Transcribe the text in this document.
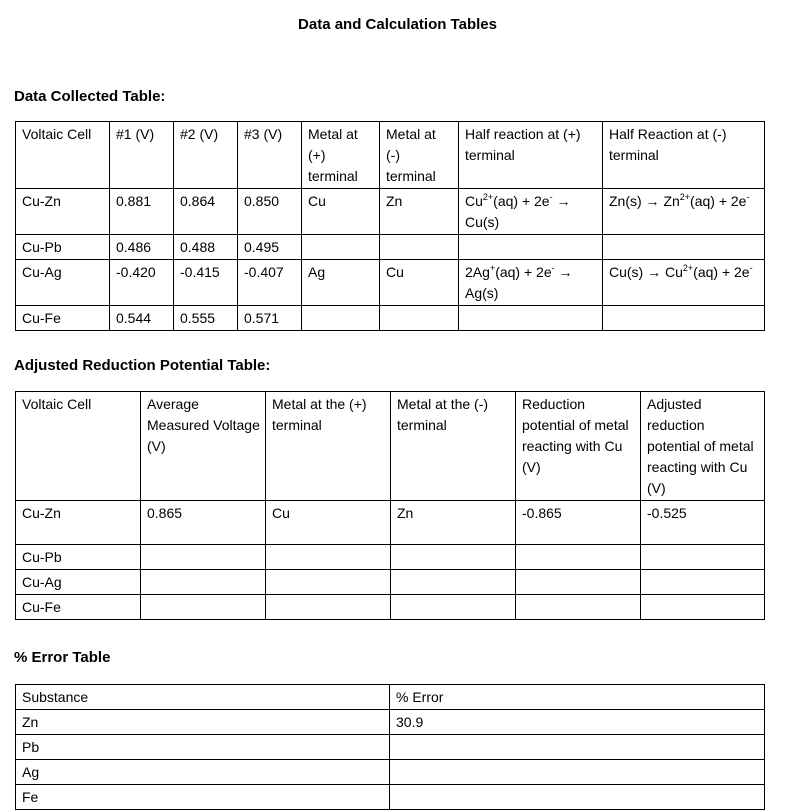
Data and Calculation Tables
Data Collected Table:
Voltaic Cell	#1 (V)	#2 (V)	#3 (V)	Metal at (+) terminal	Metal at (-) terminal	Half reaction at (+) terminal	Half Reaction at (-) terminal
Cu-Zn	0.881	0.864	0.850	Cu	Zn	$Cu^{2+}(aq) + 2e^- \to Cu(s)$	$Zn(s) \to Zn^{2+}(aq) + 2e^-$
Cu-Pb	0.486	0.488	0.495				
Cu-Ag	-0.420	-0.415	-0.407	Ag	Cu	2Ag+(aq) + 2e- → Ag(s)	$Cu(s) \to Cu^{2+}(aq) + 2e^-$
Cu-Fe	0.544	0.555	0.571				
Adjusted Reduction Potential Table:
Voltaic Cell	Average Measured Voltage (V)	Metal at the (+) terminal	Metal at the (-) terminal	Reduction potential of metal reacting with Cu (V)	Adjusted reduction potential of metal reacting with Cu (V)
Cu-Zn	0.865	Cu	Zn	-0.865	-0.525
Cu-Pb					
Cu-Ag					
Cu-Fe					
% Error Table
Substance	% Error
Zn	30.9
Pb	
Ag	
Fe	
